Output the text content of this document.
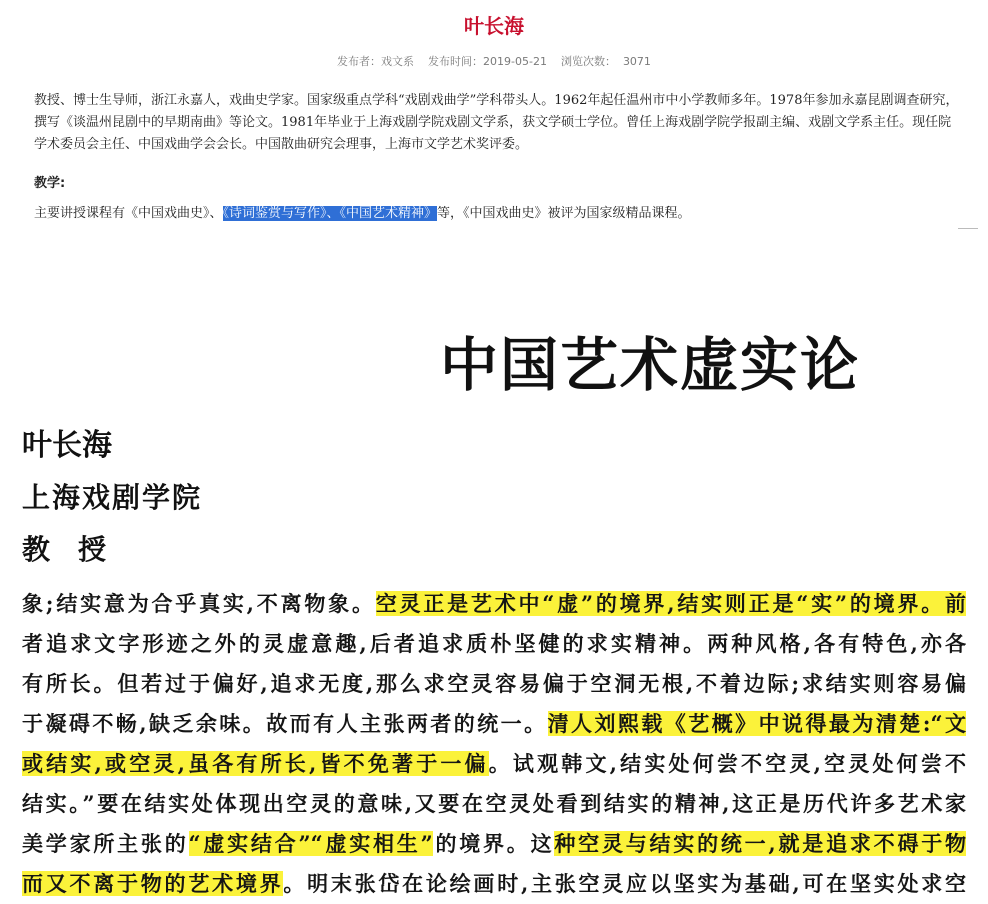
叶长海
发布者：戏文系    发布时间：2019-05-21    浏览次数：  3071

教授、博士生导师，浙江永嘉人，戏曲史学家。国家级重点学科“戏剧戏曲学”学科带头人。1962年起任温州市中小学教师多年。1978年参加永嘉昆剧调查研究，撰写《谈温州昆剧中的早期南曲》等论文。1981年毕业于上海戏剧学院戏剧文学系，获文学硕士学位。曾任上海戏剧学院学报副主编、戏剧文学系主任。现任院学术委员会主任、中国戏曲学会会长。中国散曲研究会理事，上海市文学艺术奖评委。

教学:
主要讲授课程有《中国戏曲史》、《诗词鉴赏与写作》、《中国艺术精神》等，《中国戏曲史》被评为国家级精品课程。
中国艺术虚实论
叶长海
上海戏剧学院
教授
象;结实意为合乎真实,不离物象。空灵正是艺术中“虚”的境界,结实则正是“实”的境界。前
者追求文字形迹之外的灵虚意趣,后者追求质朴坚健的求实精神。两种风格,各有特色,亦各
有所长。但若过于偏好,追求无度,那么求空灵容易偏于空洞无根,不着边际;求结实则容易偏
于凝碍不畅,缺乏余味。故而有人主张两者的统一。清人刘熙载《艺概》中说得最为清楚:“文
或结实,或空灵,虽各有所长,皆不免著于一偏。试观韩文,结实处何尝不空灵,空灵处何尝不
结实。”要在结实处体现出空灵的意味,又要在空灵处看到结实的精神,这正是历代许多艺术家
美学家所主张的“虚实结合”“虚实相生”的境界。这种空灵与结实的统一,就是追求不碍于物
而又不离于物的艺术境界。明末张岱在论绘画时,主张空灵应以坚实为基础,可在坚实处求空
